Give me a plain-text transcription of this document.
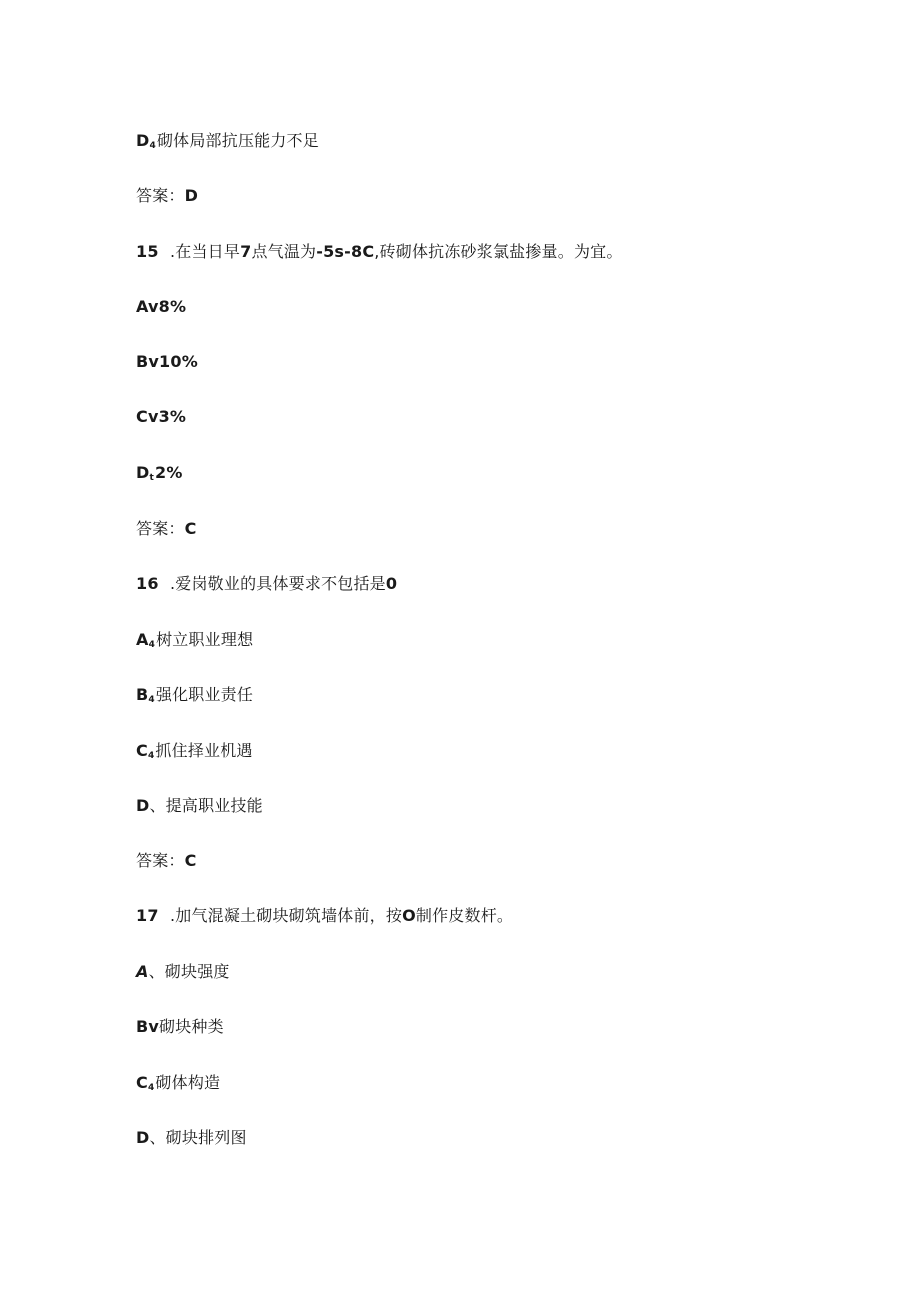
$D_4$砌体局部抗压能力不足
答案：D
15 .在当日早7点气温为-5s-8C,砖砌体抗冻砂浆氯盐掺量。为宜。
Av8%
Bv10%
Cv3%
$D_t2\%$
答案：C
16 .爱岗敬业的具体要求不包括是0
$A_4$树立职业理想
$B_4$强化职业责任
$C_4$抓住择业机遇
D、提高职业技能
答案：C
17 .加气混凝土砌块砌筑墙体前，按O制作皮数杆。
A、砌块强度
Bv砌块种类
$C_4$砌体构造
D、砌块排列图
